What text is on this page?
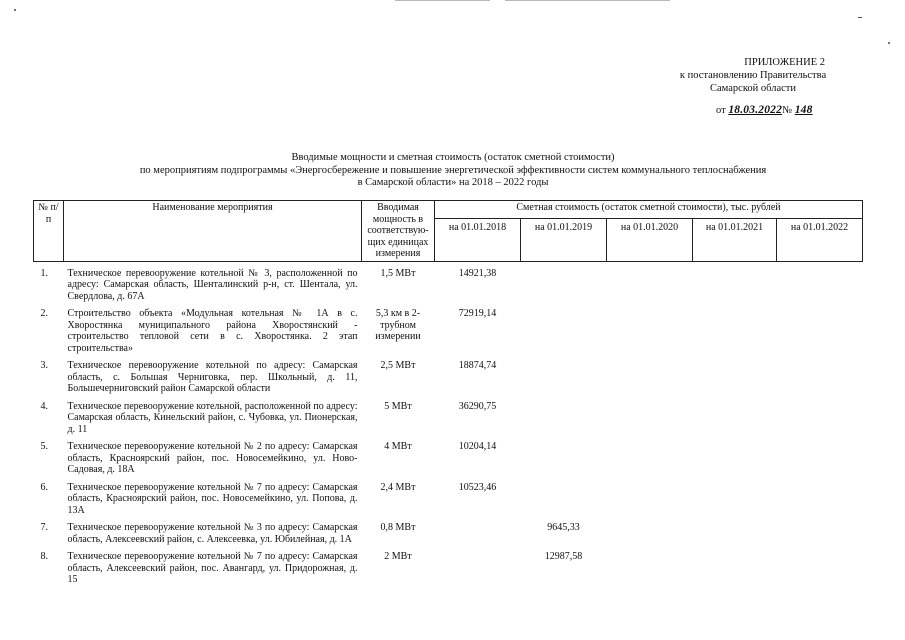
ПРИЛОЖЕНИЕ 2
к постановлению Правительства
Самарской области
от 18.03.2022№ 148
Вводимые мощности и сметная стоимость (остаток сметной стоимости)
по мероприятиям подпрограммы «Энергосбережение и повышение энергетической эффективности систем коммунального теплоснабжения
в Самарской области» на 2018 – 2022 годы
№ п/п	Наименование мероприятия	Вводимая мощность в соответствую-щих единицах измерения	Сметная стоимость (остаток сметной стоимости), тыс. рублей				
			на 01.01.2018	на 01.01.2019	на 01.01.2020	на 01.01.2021	на 01.01.2022
1.	Техническое перевооружение котельной № 3, расположенной по адресу: Самарская область, Шенталинский р-н, ст. Шентала, ул. Свердлова, д. 67А	1,5 МВт	14921,38				
2.	Строительство объекта «Модульная котельная № 1А в с. Хворостянка муниципального района Хворостянский - строительство тепловой сети в с. Хворостянка. 2 этап строительства»	5,3 км в 2-трубном измерении	72919,14				
3.	Техническое перевооружение котельной по адресу: Самарская область, с. Большая Черниговка, пер. Школьный, д. 11, Большечерниговский район Самарской области	2,5 МВт	18874,74				
4.	Техническое перевооружение котельной, расположенной по адресу: Самарская область, Кинельский район, с. Чубовка, ул. Пионерская, д. 11	5 МВт	36290,75				
5.	Техническое перевооружение котельной № 2 по адресу: Самарская область, Красноярский район, пос. Новосемейкино, ул. Ново-Садовая, д. 18А	4 МВт	10204,14				
6.	Техническое перевооружение котельной № 7 по адресу: Самарская область, Красноярский район, пос. Новосемейкино, ул. Попова, д. 13А	2,4 МВт	10523,46				
7.	Техническое перевооружение котельной № 3 по адресу: Самарская область, Алексеевский район, с. Алексеевка, ул. Юбилейная, д. 1А	0,8 МВт		9645,33			
8.	Техническое перевооружение котельной № 7 по адресу: Самарская область, Алексеевский район, пос. Авангард, ул. Придорожная, д. 15	2 МВт		12987,58			
